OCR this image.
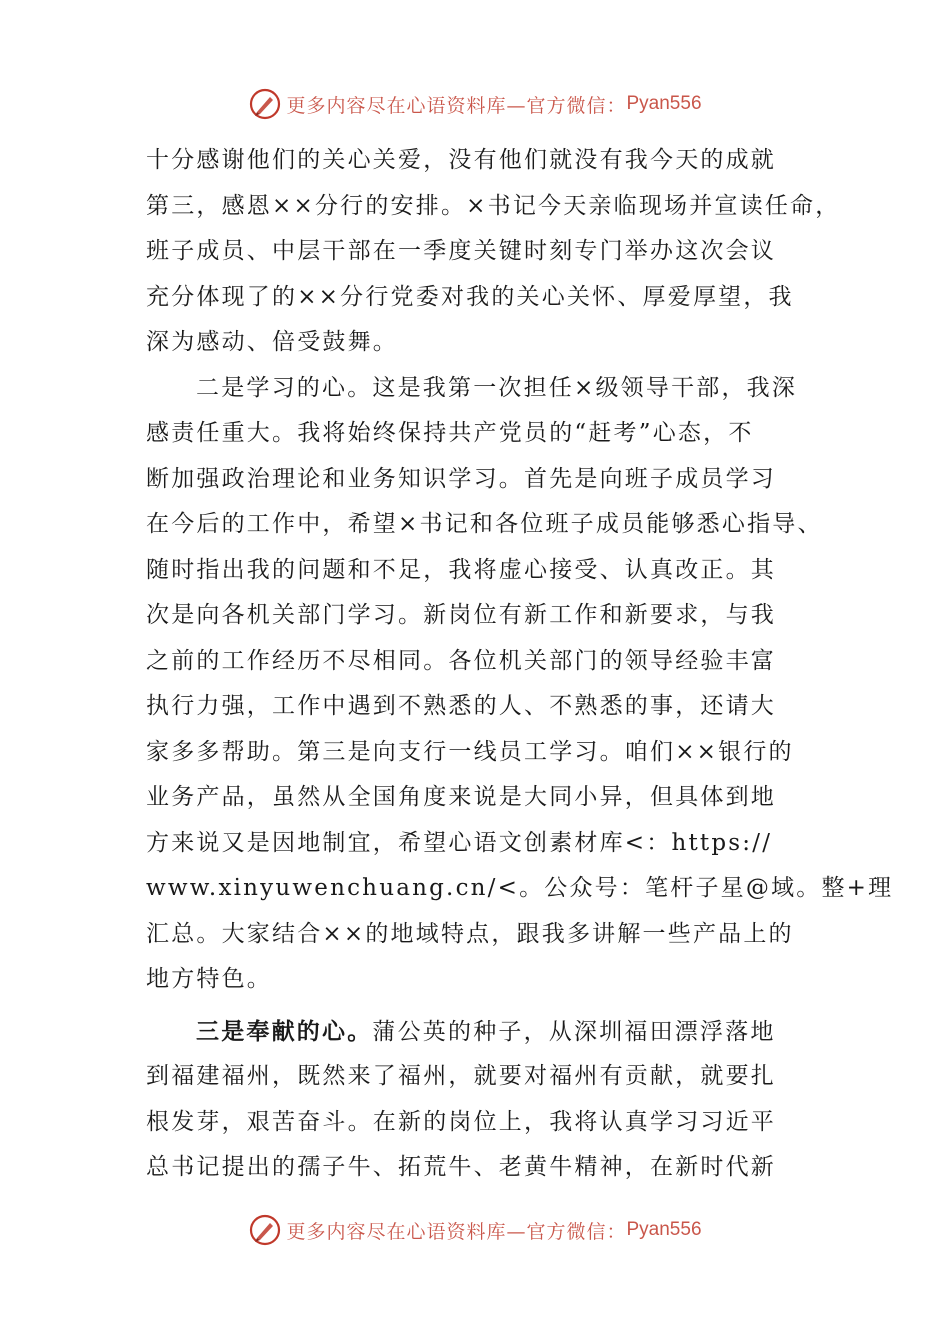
更多内容尽在心语资料库—官方微信： Pyan556
十分感谢他们的关心关爱，没有他们就没有我今天的成就
第三，感恩××分行的安排。×书记今天亲临现场并宣读任命，
班子成员、中层干部在一季度关键时刻专门举办这次会议
充分体现了的××分行党委对我的关心关怀、厚爱厚望，我
深为感动、倍受鼓舞。
二是学习的心。这是我第一次担任×级领导干部，我深
感责任重大。我将始终保持共产党员的“赶考”心态，不
断加强政治理论和业务知识学习。首先是向班子成员学习
在今后的工作中，希望×书记和各位班子成员能够悉心指导、
随时指出我的问题和不足，我将虚心接受、认真改正。其
次是向各机关部门学习。新岗位有新工作和新要求，与我
之前的工作经历不尽相同。各位机关部门的领导经验丰富
执行力强，工作中遇到不熟悉的人、不熟悉的事，还请大
家多多帮助。第三是向支行一线员工学习。咱们××银行的
业务产品，虽然从全国角度来说是大同小异，但具体到地
方来说又是因地制宜，希望心语文创素材库<：https://
www.xinyuwenchuang.cn/<。公众号：笔杆子星@域。整+理
汇总。大家结合××的地域特点，跟我多讲解一些产品上的
地方特色。
三是奉献的心。蒲公英的种子，从深圳福田漂浮落地
到福建福州，既然来了福州，就要对福州有贡献，就要扎
根发芽，艰苦奋斗。在新的岗位上，我将认真学习习近平
总书记提出的孺子牛、拓荒牛、老黄牛精神，在新时代新
更多内容尽在心语资料库—官方微信： Pyan556
